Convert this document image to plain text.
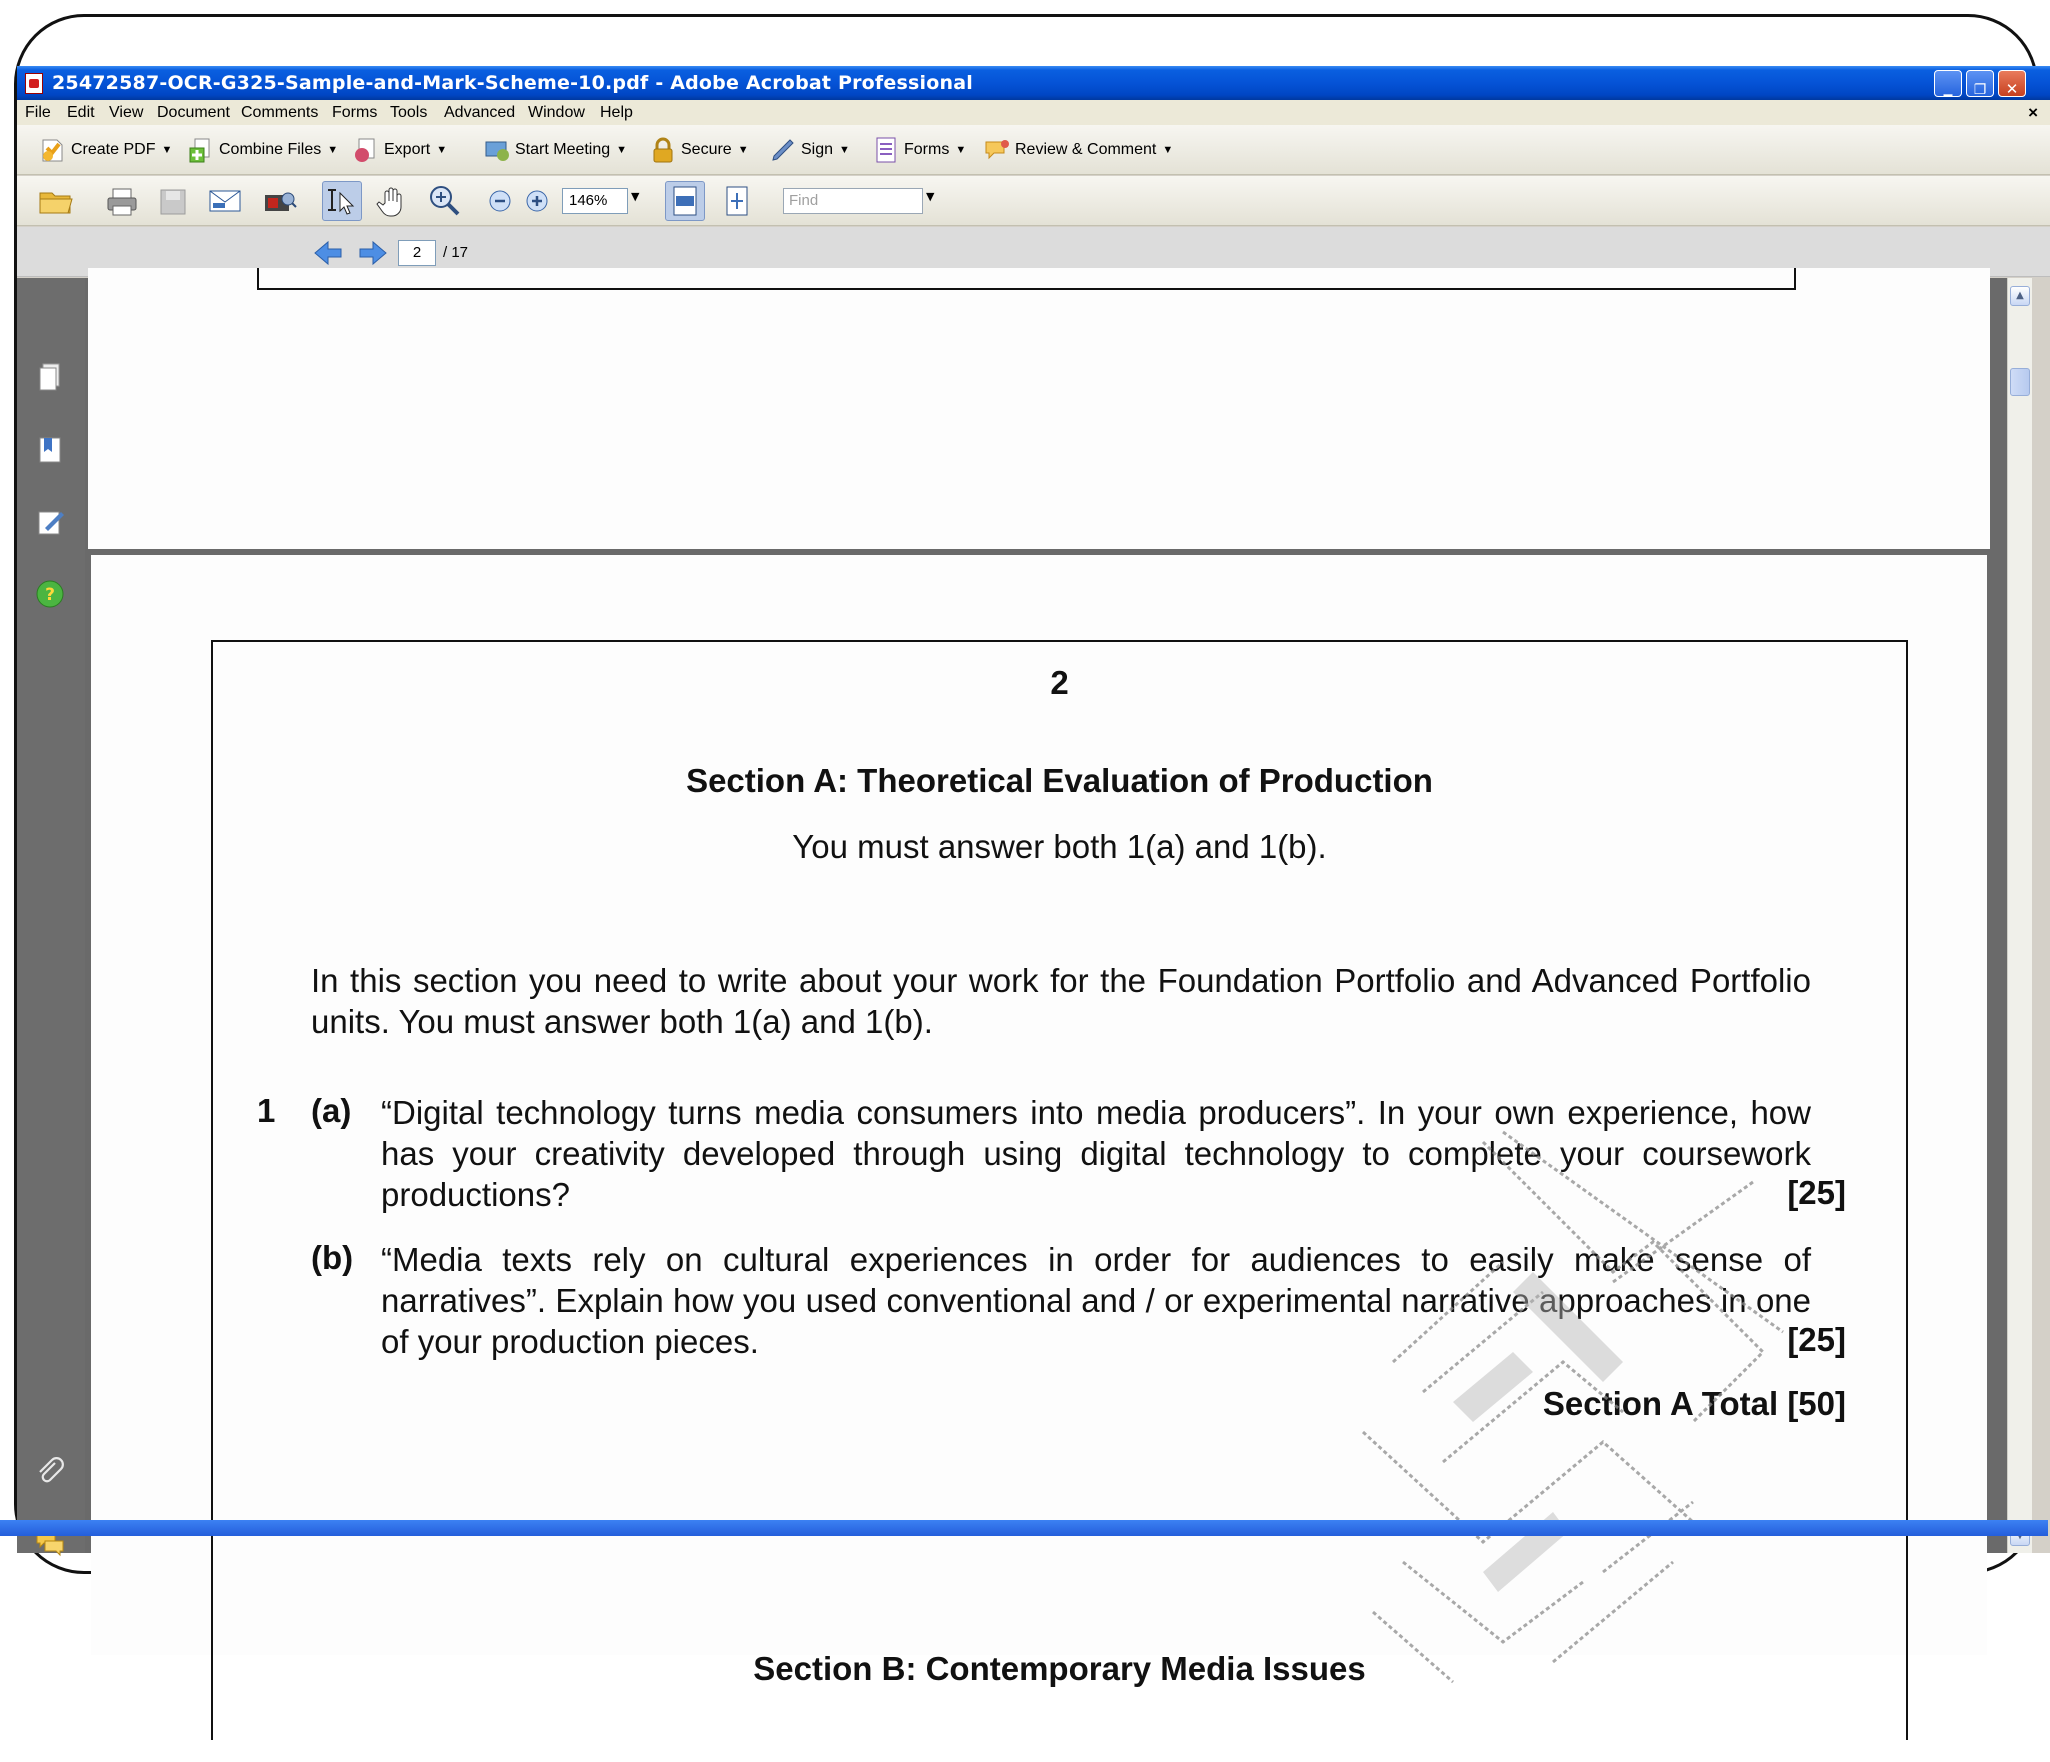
25472587-OCR-G325-Sample-and-Mark-Scheme-10.pdf - Adobe Acrobat Professional	_	❐	✕
File Edit View Document Comments Forms Tools Advanced Window Help	×
Create PDF ▼	Combine Files ▼	Export ▼	Start Meeting ▼	Secure ▼	Sign ▼	Forms ▼	Review & Comment ▼
146%	▼	Find	▼
2	/ 17
?
2
Section A: Theoretical Evaluation of Production
You must answer both 1(a) and 1(b).
In this section you need to write about your work for the Foundation Portfolio and Advanced Portfolio units. You must answer both 1(a) and 1(b).
1 (a) “Digital technology turns media consumers into media producers”. In your own experience, how has your creativity developed through using digital technology to complete your coursework productions?	[25]
(b) “Media texts rely on cultural experiences in order for audiences to easily make sense of narratives”. Explain how you used conventional and / or experimental narrative approaches in one of your production pieces.	[25]
Section A Total [50]
Section B: Contemporary Media Issues
▲
